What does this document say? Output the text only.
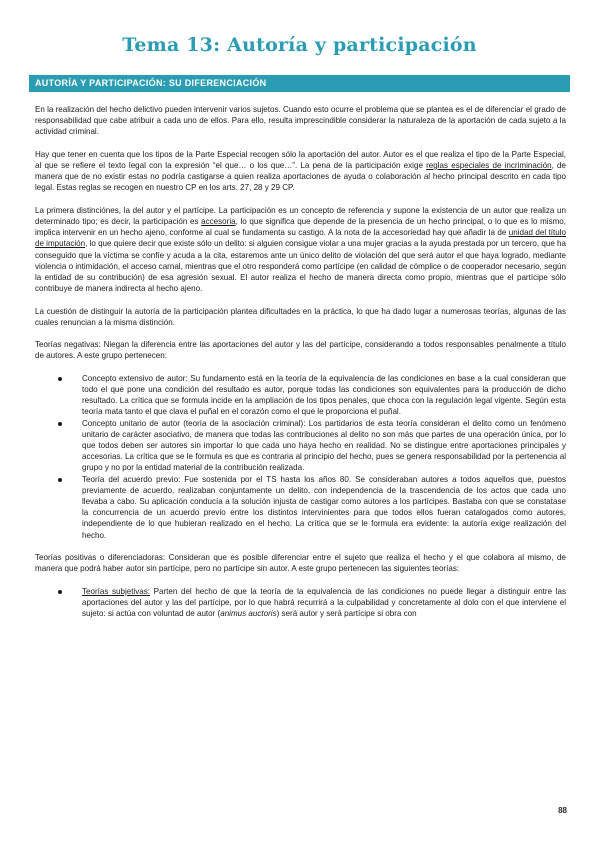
Tema 13: Autoría y participación
AUTORÍA Y PARTICIPACIÓN: SU DIFERENCIACIÓN

En la realización del hecho delictivo pueden intervenir varios sujetos. Cuando esto ocurre el problema que se plantea es el de diferenciar el grado de responsabilidad que cabe atribuir a cada uno de ellos. Para ello, resulta imprescindible considerar la naturaleza de la aportación de cada sujeto a la actividad criminal.

Hay que tener en cuenta que los tipos de la Parte Especial recogen sólo la aportación del autor. Autor es el que realiza el tipo de la Parte Especial, al que se refiere el texto legal con la expresión “el que… o los que…”. La pena de la participación exige reglas especiales de incriminación, de manera que de no existir estas no podría castigarse a quien realiza aportaciones de ayuda o colaboración al hecho principal descrito en cada tipo legal. Estas reglas se recogen en nuestro CP en los arts. 27, 28 y 29 CP.

La primera distinciónes, la del autor y el partícipe. La participación es un concepto de referencia y supone la existencia de un autor que realiza un determinado tipo; es decir, la participación es accesoria, lo que significa que depende de la presencia de un hecho principal, o lo que es lo mismo, implica intervenir en un hecho ajeno, conforme al cual se fundamenta su castigo. A la nota de la accesoriedad hay que añadir la de unidad del título de imputación, lo que quiere decir que existe sólo un delito: si alguien consigue violar a una mujer gracias a la ayuda prestada por un tercero, que ha conseguido que la víctima se confíe y acuda a la cita, estaremos ante un único delito de violación del que será autor el que haya logrado, mediante violencia o intimidación, el acceso carnal, mientras que el otro responderá como partícipe (en calidad de cómplice o de cooperador necesario, según la entidad de su contribución) de esa agresión sexual. El autor realiza el hecho de manera directa como propio, mientras que el partícipe sólo contribuye de manera indirecta al hecho ajeno.

La cuestión de distinguir la autoría de la participación plantea dificultades en la práctica, lo que ha dado lugar a numerosas teorías, algunas de las cuales renuncian a la misma distinción.

Teorías negativas: Niegan la diferencia entre las aportaciones del autor y las del partícipe, considerando a todos responsables penalmente a título de autores. A este grupo pertenecen:

Concepto extensivo de autor: Su fundamento está en la teoría de la equivalencia de las condiciones en base a la cual consideran que todo el que pone una condición del resultado es autor, porque todas las condiciones son equivalentes para la producción de dicho resultado. La crítica que se formula incide en la ampliación de los tipos penales, que choca con la regulación legal vigente. Según esta teoría mata tanto el que clava el puñal en el corazón como el que le proporciona el puñal.
Concepto unitario de autor (teoría de la asociación criminal): Los partidarios de esta teoría consideran el delito como un fenómeno unitario de carácter asociativo, de manera que todas las contribuciones al delito no son más que partes de una operación única, por lo que todos deben ser autores sin importar lo que cada uno haya hecho en realidad. No se distingue entre aportaciones principales y accesorias. La crítica que se le formula es que es contraria al principio del hecho, pues se genera responsabilidad por la pertenencia al grupo y no por la entidad material de la contribución realizada.
Teoría del acuerdo previo: Fue sostenida por el TS hasta los años 80. Se consideraban autores a todos aquellos que, puestos previamente de acuerdo, realizaban conjuntamente un delito, con independencia de la trascendencia de los actos que cada uno llevaba a cabo. Su aplicación conducía a la solución injusta de castigar como autores a los partícipes. Bastaba con que se constatase la concurrencia de un acuerdo previo entre los distintos intervinientes para que todos ellos fueran catalogados como autores, independiente de lo que hubieran realizado en el hecho. La crítica que se le formula era evidente: la autoría exige realización del hecho.

Teorías positivas o diferenciadoras: Consideran que es posible diferenciar entre el sujeto que realiza el hecho y el que colabora al mismo, de manera que podrá haber autor sin partícipe, pero no partícipe sin autor. A este grupo pertenecen las siguientes teorías:

Teorías subjetivas: Parten del hecho de que la teoría de la equivalencia de las condiciones no puede llegar a distinguir entre las aportaciones del autor y las del partícipe, por lo que habrá recurrirá a la culpabilidad y concretamente al dolo con el que interviene el sujeto: si actúa con voluntad de autor (animus auctoris) será autor y será partícipe si obra con
88
